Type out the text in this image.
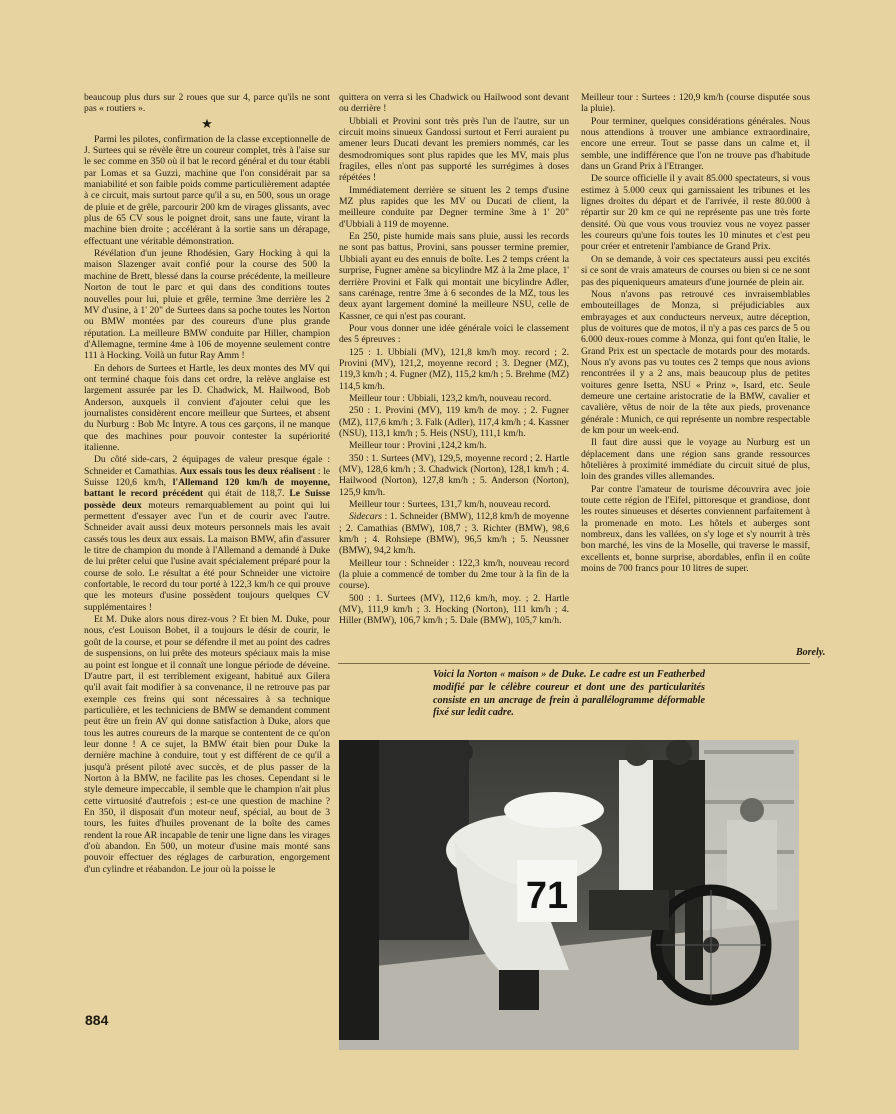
beaucoup plus durs sur 2 roues que sur 4, parce qu'ils ne sont pas « routiers ».

★

Parmi les pilotes, confirmation de la classe exceptionnelle de J. Surtees qui se révèle être un coureur complet, très à l'aise sur le sec comme en 350 où il bat le record général et du tour établi par Lomas et sa Guzzi, machine que l'on considérait par sa maniabilité et son faible poids comme particulièrement adaptée à ce circuit, mais surtout parce qu'il a su, en 500, sous un orage de pluie et de grêle, parcourir 200 km de virages glissants, avec plus de 65 CV sous le poignet droit, sans une faute, virant la machine bien droite ; accélérant à la sortie sans un dérapage, effectuant une véritable démonstration.

Révélation d'un jeune Rhodésien, Gary Hocking à qui la maison Slazenger avait confié pour la course des 500 la machine de Brett, blessé dans la course précédente, la meilleure Norton de tout le parc et qui dans des conditions toutes nouvelles pour lui, pluie et grêle, termine 3me derrière les 2 MV d'usine, à 1' 20" de Surtees dans sa poche toutes les Norton ou BMW montées par des coureurs d'une plus grande réputation. La meilleure BMW conduite par Hiller, champion d'Allemagne, termine 4me à 106 de moyenne seulement contre 111 à Hocking. Voilà un futur Ray Amm !

En dehors de Surtees et Hartle, les deux montes des MV qui ont terminé chaque fois dans cet ordre, la relève anglaise est largement assurée par les D. Chadwick, M. Hailwood, Bob Anderson, auxquels il convient d'ajouter celui que les journalistes considèrent encore meilleur que Surtees, et absent du Nurburg : Bob Mc Intyre. A tous ces garçons, il ne manque que des machines pour pouvoir contester la supériorité italienne.

Du côté side-cars, 2 équipages de valeur presque égale : Schneider et Camathias. Aux essais tous les deux réalisent : le Suisse 120,6 km/h, l'Allemand 120 km/h de moyenne, battant le record précédent qui était de 118,7. Le Suisse possède deux moteurs remarquablement au point qui lui permettent d'essayer avec l'un et de courir avec l'autre. Schneider avait aussi deux moteurs personnels mais les avait cassés tous les deux aux essais. La maison BMW, afin d'assurer le titre de champion du monde à l'Allemand a demandé à Duke de lui prêter celui que l'usine avait spécialement préparé pour la course de solo. Le résultat a été pour Schneider une victoire confortable, le record du tour porté à 122,3 km/h ce qui prouve que les moteurs d'usine possèdent toujours quelques CV supplémentaires !

Et M. Duke alors nous direz-vous ? Et bien M. Duke, pour nous, c'est Louison Bobet, il a toujours le désir de courir, le goût de la course, et pour se défendre il met au point des cadres de suspensions, on lui prête des moteurs spéciaux mais la mise au point est longue et il connaît une longue période de déveine. D'autre part, il est terriblement exigeant, habitué aux Gilera qu'il avait fait modifier à sa convenance, il ne retrouve pas par exemple ces freins qui sont nécessaires à sa technique particulière, et les techniciens de BMW se demandent comment peut être un frein AV qui donne satisfaction à Duke, alors que tous les autres coureurs de la marque se contentent de ce qu'on leur donne ! A ce sujet, la BMW était bien pour Duke la dernière machine à conduire, tout y est différent de ce qu'il a jusqu'à présent piloté avec succès, et de plus passer de la Norton à la BMW, ne facilite pas les choses. Cependant si le style demeure impeccable, il semble que le champion n'ait plus cette virtuosité d'autrefois ; est-ce une question de machine ? En 350, il disposait d'un moteur neuf, spécial, au bout de 3 tours, les fuites d'huiles provenant de la boîte des cames rendent la roue AR incapable de tenir une ligne dans les virages d'où abandon. En 500, un moteur d'usine mais monté sans pouvoir effectuer des réglages de carburation, engorgement d'un cylindre et réabandon. Le jour où la poisse le

quittera on verra si les Chadwick ou Hailwood sont devant ou derrière !

Ubbiali et Provini sont très près l'un de l'autre, sur un circuit moins sinueux Gandossi surtout et Ferri auraient pu amener leurs Ducati devant les premiers nommés, car les desmodromiques sont plus rapides que les MV, mais plus fragiles, elles n'ont pas supporté les surrégimes à doses répétées !

Immédiatement derrière se situent les 2 temps d'usine MZ plus rapides que les MV ou Ducati de client, la meilleure conduite par Degner termine 3me à 1' 20" d'Ubbiali à 119 de moyenne.

En 250, piste humide mais sans pluie, aussi les records ne sont pas battus, Provini, sans pousser termine premier, Ubbiali ayant eu des ennuis de boîte. Les 2 temps créent la surprise, Fugner amène sa bicylindre MZ à la 2me place, 1' derrière Provini et Falk qui montait une bicylindre Adler, sans carénage, rentre 3me à 6 secondes de la MZ, tous les deux ayant largement dominé la meilleure NSU, celle de Kassner, ce qui n'est pas courant.

Pour vous donner une idée générale voici le classement des 5 épreuves :

125 : 1. Ubbiali (MV), 121,8 km/h moy. record ; 2. Provini (MV), 121,2, moyenne record ; 3. Degner (MZ), 119,3 km/h ; 4. Fugner (MZ), 115,2 km/h ; 5. Brehme (MZ) 114,5 km/h.

Meilleur tour : Ubbiali, 123,2 km/h, nouveau record.

250 : 1. Provini (MV), 119 km/h de moy. ; 2. Fugner (MZ), 117,6 km/h ; 3. Falk (Adler), 117,4 km/h ; 4. Kassner (NSU), 113,1 km/h ; 5. Heis (NSU), 111,1 km/h.

Meilleur tour : Provini ,124,2 km/h.

350 : 1. Surtees (MV), 129,5, moyenne record ; 2. Hartle (MV), 128,6 km/h ; 3. Chadwick (Norton), 128,1 km/h ; 4. Hailwood (Norton), 127,8 km/h ; 5. Anderson (Norton), 125,9 km/h.

Meilleur tour : Surtees, 131,7 km/h, nouveau record.

Sidecars : 1. Schneider (BMW), 112,8 km/h de moyenne ; 2. Camathias (BMW), 108,7 ; 3. Richter (BMW), 98,6 km/h ; 4. Rohsiepe (BMW), 96,5 km/h ; 5. Neussner (BMW), 94,2 km/h.

Meilleur tour : Schneider : 122,3 km/h, nouveau record (la pluie a commencé de tomber du 2me tour à la fin de la course).

500 : 1. Surtees (MV), 112,6 km/h, moy. ; 2. Hartle (MV), 111,9 km/h ; 3. Hocking (Norton), 111 km/h ; 4. Hiller (BMW), 106,7 km/h ; 5. Dale (BMW), 105,7 km/h.

Meilleur tour : Surtees : 120,9 km/h (course disputée sous la pluie).

Pour terminer, quelques considérations générales. Nous nous attendions à trouver une ambiance extraordinaire, encore une erreur. Tout se passe dans un calme et, il semble, une indifférence que l'on ne trouve pas d'habitude dans un Grand Prix à l'Etranger.

De source officielle il y avait 85.000 spectateurs, si vous estimez à 5.000 ceux qui garnissaient les tribunes et les lignes droites du départ et de l'arrivée, il reste 80.000 à répartir sur 20 km ce qui ne représente pas une très forte densité. Où que vous vous trouviez vous ne voyez passer les coureurs qu'une fois toutes les 10 minutes et c'est peu pour créer et entretenir l'ambiance de Grand Prix.

On se demande, à voir ces spectateurs aussi peu excités si ce sont de vrais amateurs de courses ou bien si ce ne sont pas des piqueniqueurs amateurs d'une journée de plein air.

Nous n'avons pas retrouvé ces invraisemblables embouteillages de Monza, si préjudiciables aux embrayages et aux conducteurs nerveux, autre déception, plus de voitures que de motos, il n'y a pas ces parcs de 5 ou 6.000 deux-roues comme à Monza, qui font qu'en Italie, le Grand Prix est un spectacle de motards pour des motards. Nous n'y avons pas vu toutes ces 2 temps que nous avions rencontrées il y a 2 ans, mais beaucoup plus de petites voitures genre Isetta, NSU « Prinz », Isard, etc. Seule demeure une certaine aristocratie de la BMW, cavalier et cavalière, vêtus de noir de la tête aux pieds, provenance générale : Munich, ce qui représente un nombre respectable de km pour un week-end.

Il faut dire aussi que le voyage au Nurburg est un déplacement dans une région sans grande ressources hôtelières à proximité immédiate du circuit situé de plus, loin des grandes villes allemandes.

Par contre l'amateur de tourisme découvrira avec joie toute cette région de l'Eifel, pittoresque et grandiose, dont les routes sinueuses et désertes conviennent parfaitement à la promenade en moto. Les hôtels et auberges sont nombreux, dans les vallées, on s'y loge et s'y nourrit à très bon marché, les vins de la Moselle, qui traverse le massif, excellents et, bonne surprise, abordables, enfin il en coûte moins de 700 francs pour 10 litres de super.

Borely.
Voici la Norton « maison » de Duke. Le cadre est un Featherbed modifié par le célèbre coureur et dont une des particularités consiste en un ancrage de frein à parallélogramme déformable fixé sur ledit cadre.
71
884
